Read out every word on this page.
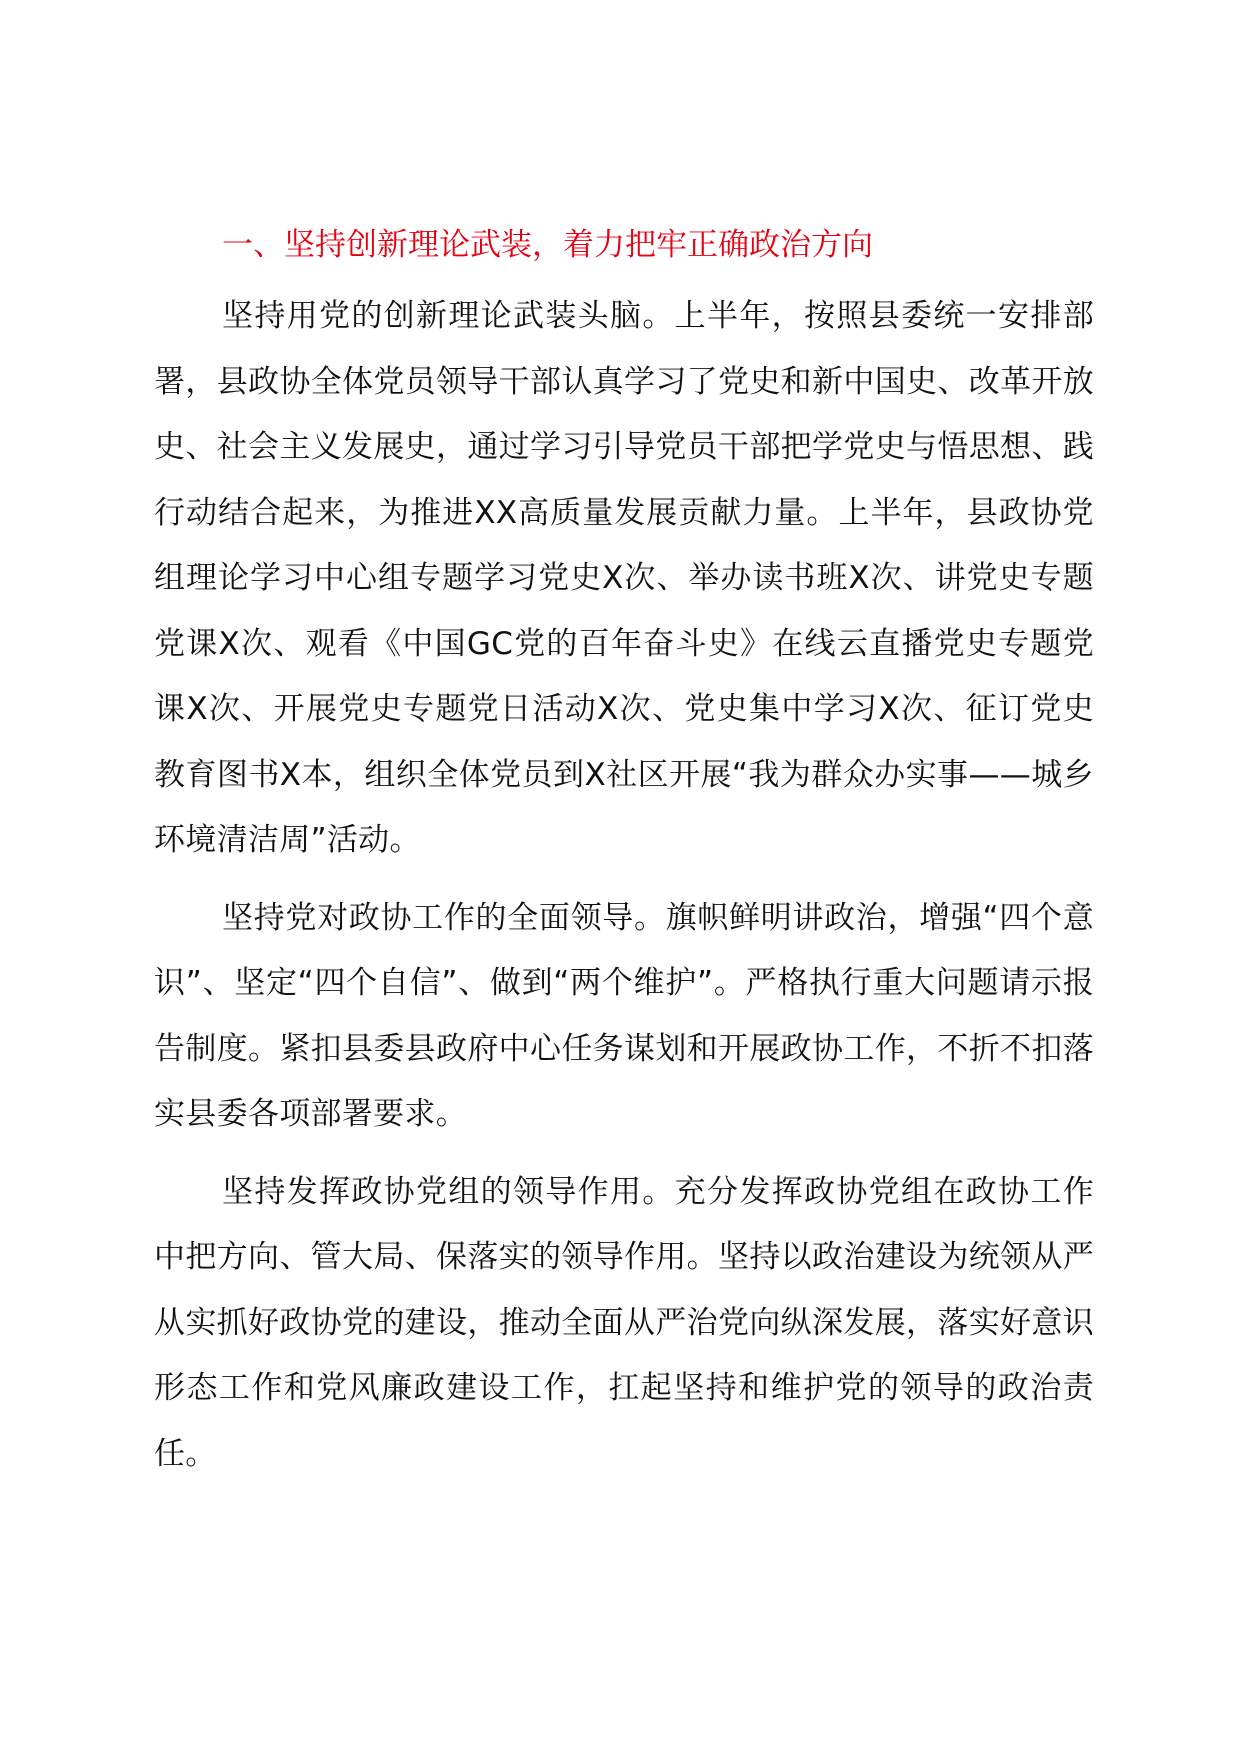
一、坚持创新理论武装，着力把牢正确政治方向

坚持用党的创新理论武装头脑。上半年，按照县委统一安排部署，县政协全体党员领导干部认真学习了党史和新中国史、改革开放史、社会主义发展史，通过学习引导党员干部把学党史与悟思想、践行动结合起来，为推进XX高质量发展贡献力量。上半年，县政协党组理论学习中心组专题学习党史X次、举办读书班X次、讲党史专题党课X次、观看《中国GC党的百年奋斗史》在线云直播党史专题党课X次、开展党史专题党日活动X次、党史集中学习X次、征订党史教育图书X本，组织全体党员到X社区开展“我为群众办实事——城乡环境清洁周”活动。

坚持党对政协工作的全面领导。旗帜鲜明讲政治，增强“四个意识”、坚定“四个自信”、做到“两个维护”。严格执行重大问题请示报告制度。紧扣县委县政府中心任务谋划和开展政协工作，不折不扣落实县委各项部署要求。

坚持发挥政协党组的领导作用。充分发挥政协党组在政协工作中把方向、管大局、保落实的领导作用。坚持以政治建设为统领从严从实抓好政协党的建设，推动全面从严治党向纵深发展，落实好意识形态工作和党风廉政建设工作，扛起坚持和维护党的领导的政治责任。
